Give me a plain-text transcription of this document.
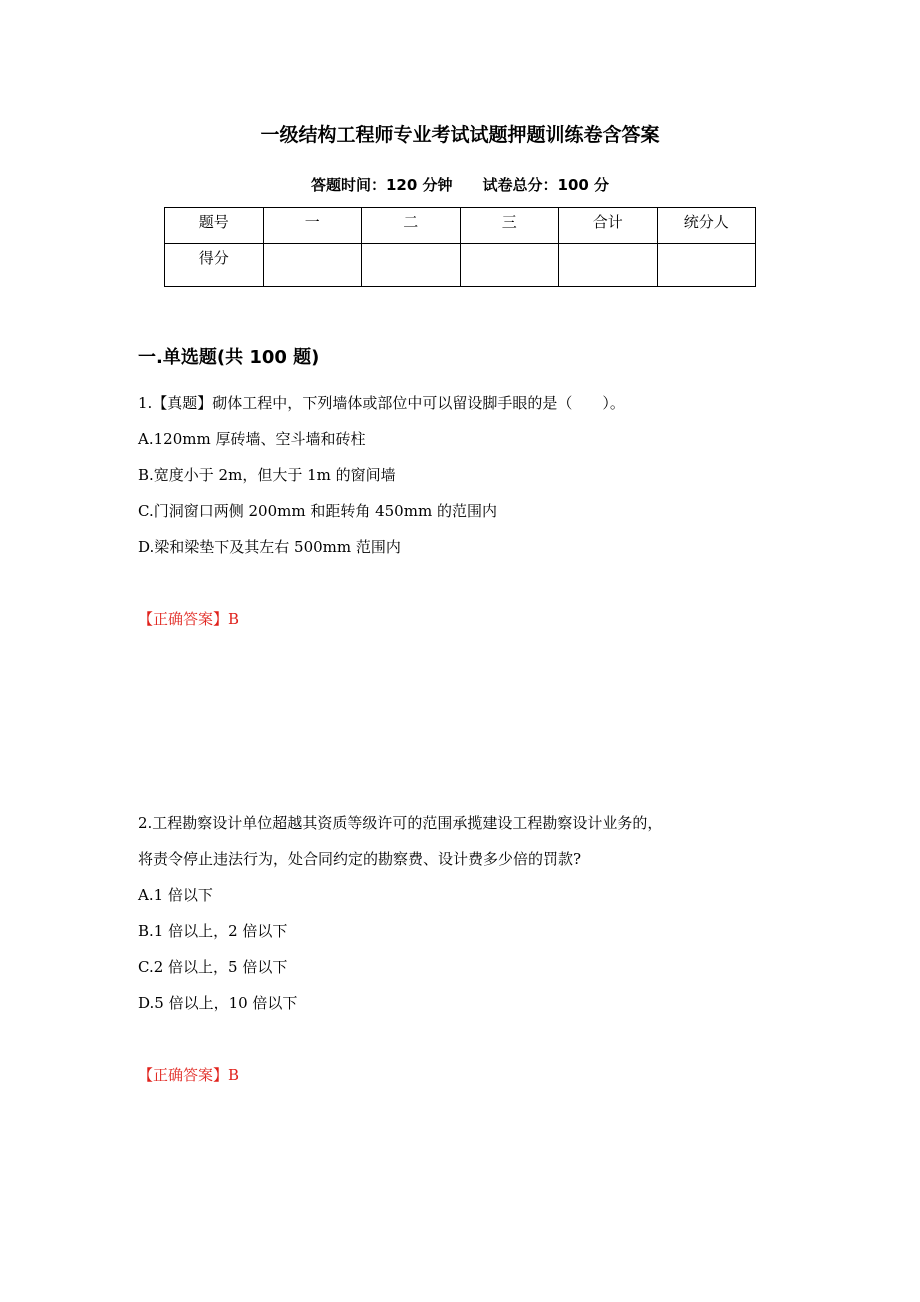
一级结构工程师专业考试试题押题训练卷含答案
答题时间：120 分钟 试卷总分：100 分
题号	一	二	三	合计	统分人
得分					
一.单选题(共 100 题)
1.【真题】砌体工程中，下列墙体或部位中可以留设脚手眼的是（　　）。
A.120mm 厚砖墙、空斗墙和砖柱
B.宽度小于 2m，但大于 1m 的窗间墙
C.门洞窗口两侧 200mm 和距转角 450mm 的范围内
D.梁和梁垫下及其左右 500mm 范围内
【正确答案】B
2.工程勘察设计单位超越其资质等级许可的范围承揽建设工程勘察设计业务的，
将责令停止违法行为，处合同约定的勘察费、设计费多少倍的罚款?
A.1 倍以下
B.1 倍以上，2 倍以下
C.2 倍以上，5 倍以下
D.5 倍以上，10 倍以下
【正确答案】B
